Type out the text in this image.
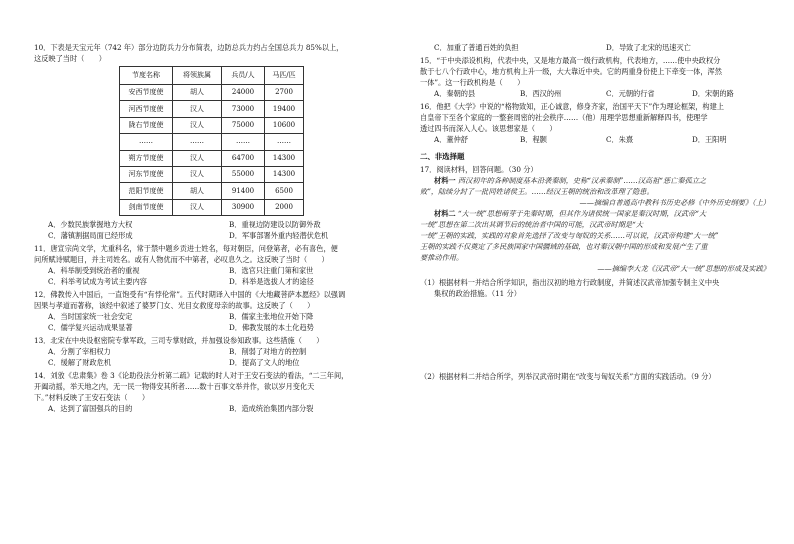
10．下表是天宝元年（742 年）部分边防兵力分布简表，边防总兵力约占全国总兵力 85%以上，
这反映了当时（　　）
节度名称	将领族属	兵员/人	马匹/匹
安西节度使	胡人	24000	2700
河西节度使	汉人	73000	19400
陇右节度使	汉人	75000	10600
……	……	……	……
朔方节度使	汉人	64700	14300
河东节度使	汉人	55000	14300
范阳节度使	胡人	91400	6500
剑南节度使	汉人	30900	2000
A．少数民族掌握地方大权	B．重视边防建设以防御外敌
C．藩镇割据局面已经形成	D．军事部署外重内轻潜伏危机
11．唐宣宗尚文学，尤重科名，常于禁中题乡贡进士姓名，每对朝臣，问登第者，必有喜色，便
问所赋诗赋题目，并主司姓名。或有人物优而不中第者，必叹息久之。这反映了当时（　　）
A．科举制受到统治者的重视	B．选官只注重门第和家世
C．科举考试成为考试主要内容	D．科举是选拔人才的途径
12．佛教传入中国后，一直饱受有“有悖伦常”。五代时期译入中国的《大地藏菩萨本愿经》以强调
因果与孝道而著称，该经中叙述了婆罗门女、光目女救度母亲的故事。这反映了（　　）
A．当时国家统一社会安定	B．儒家主张地位开始下降
C．儒学复兴运动成果显著	D．佛教发展的本土化趋势
13．北宋在中央设枢密院专掌军政，三司专掌财政，并加强设参知政事。这些措施（　　）
A．分割了宰相权力	B．削弱了对地方的控制
C．缓解了财政危机	D．提高了文人的地位
14．刘攽《忠肃集》卷 3《论助役法分析第二疏》记载的时人对于王安石变法的看法，“二三年间，
开阖动摇，举天地之内，无一民一物得安其所者……数十百事文举并作，欲以岁月变化天
下。”材料反映了王安石变法（　　）
A．达到了富国强兵的目的	B．造成统治集团内部分裂
C．加重了普通百姓的负担	D．导致了北宋的迅速灭亡
15．“于中央添设机构，代表中央，又是地方最高一级行政机构，代表地方，……使中央政权分
散于七八个行政中心，地方机构上升一级，大大靠近中央。它的两重身份使上下牵变一体，浑然
一体”。这一行政机构是（　　）
A．秦朝的县	B．西汉的州	C．元朝的行省	D．宋朝的路
16．他把《大学》中说的“格物致知，正心诚意，修身齐家，治国平天下”作为理论框架，构建上
自皇帝下至各个家庭的一整套周密的社会秩序……（他）用理学思想重新解释四书，使理学
透过四书而深入人心。该思想家是（　　）
A．董仲舒	B．程颢	C．朱熹	D．王阳明
二、非选择题
17．阅读材料，回答问题。（30 分）
材料一 西汉初年的各种制度基本沿袭秦制，史称“汉承秦制”……汉高祖“惩亡秦孤立之
败”，陆续分封了一批同姓诸侯王。……经汉王朝的统治和改革理了隐患。
——摘编自普通高中教科书历史必修《中外历史纲要》（上）
材料二 “大一统”思想萌芽于先秦时期，但其作为诸侯统一国家是秦汉时期，汉武帝“大
一统”思想在第二次出其调节后的统治者中国的可能，汉武帝时期是“大
一统”王朝的实践，实践的对象首先选择了改变与匈奴的关系……可以说，汉武帝构建“大一统”
王朝的实践不仅奠定了多民族国家中国疆域的基础，也对秦汉朝中国的形成和发展产生了重
要推动作用。
——摘编李大龙《汉武帝“大一统”思想的形成及实践》
（1）根据材料一并结合所学知识，指出汉初的地方行政制度，并简述汉武帝加强专制主义中央
集权的政治措施。（11 分）
（2）根据材料二并结合所学，列举汉武帝时期在“改变与匈奴关系”方面的实践活动。（9 分）
